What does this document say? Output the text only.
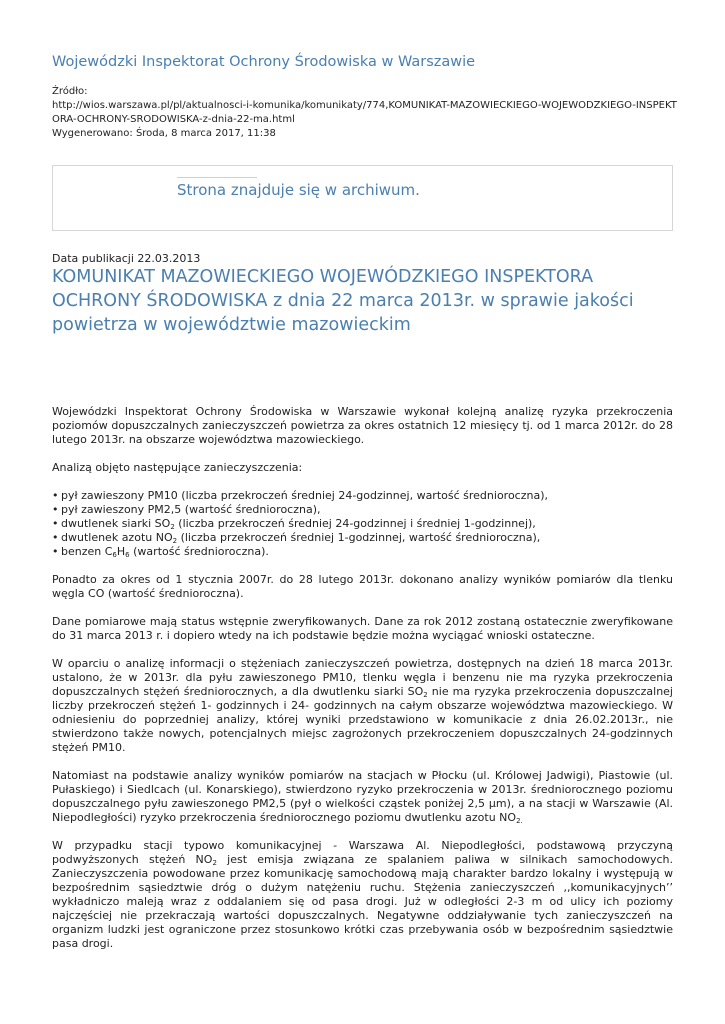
Wojewódzki Inspektorat Ochrony Środowiska w Warszawie
Źródło:
http://wios.warszawa.pl/pl/aktualnosci-i-komunika/komunikaty/774,KOMUNIKAT-MAZOWIECKIEGO-WOJEWODZKIEGO-INSPEKT
ORA-OCHRONY-SRODOWISKA-z-dnia-22-ma.html
Wygenerowano: Środa, 8 marca 2017, 11:38
Strona znajduje się w archiwum.
Data publikacji 22.03.2013
KOMUNIKAT MAZOWIECKIEGO WOJEWÓDZKIEGO INSPEKTORA
OCHRONY ŚRODOWISKA z dnia 22 marca 2013r. w sprawie jakości
powietrza w województwie mazowieckim

Wojewódzki Inspektorat Ochrony Środowiska w Warszawie wykonał kolejną analizę ryzyka przekroczenia poziomów dopuszczalnych zanieczyszczeń powietrza za okres ostatnich 12 miesięcy tj. od 1 marca 2012r. do 28 lutego 2013r. na obszarze województwa mazowieckiego.

Analizą objęto następujące zanieczyszczenia:

• pył zawieszony PM10 (liczba przekroczeń średniej 24-godzinnej, wartość średnioroczna),
• pył zawieszony PM2,5 (wartość średnioroczna),
• dwutlenek siarki $SO_2$ (liczba przekroczeń średniej 24-godzinnej i średniej 1-godzinnej),
• dwutlenek azotu $NO_2$ (liczba przekroczeń średniej 1-godzinnej, wartość średnioroczna),
• benzen $C_6H_6$ (wartość średnioroczna).

Ponadto za okres od 1 stycznia 2007r. do 28 lutego 2013r. dokonano analizy wyników pomiarów dla tlenku węgla CO (wartość średnioroczna).

Dane pomiarowe mają status wstępnie zweryfikowanych. Dane za rok 2012 zostaną ostatecznie zweryfikowane do 31 marca 2013 r. i dopiero wtedy na ich podstawie będzie można wyciągać wnioski ostateczne.

W oparciu o analizę informacji o stężeniach zanieczyszczeń powietrza, dostępnych na dzień 18 marca 2013r. ustalono, że w 2013r. dla pyłu zawieszonego PM10, tlenku węgla i benzenu nie ma ryzyka przekroczenia dopuszczalnych stężeń średniorocznych, a dla dwutlenku siarki $SO_2$ nie ma ryzyka przekroczenia dopuszczalnej liczby przekroczeń stężeń 1- godzinnych i 24- godzinnych na całym obszarze województwa mazowieckiego. W odniesieniu do poprzedniej analizy, której wyniki przedstawiono w komunikacie z dnia 26.02.2013r., nie stwierdzono także nowych, potencjalnych miejsc zagrożonych przekroczeniem dopuszczalnych 24-godzinnych stężeń PM10.

Natomiast na podstawie analizy wyników pomiarów na stacjach w Płocku (ul. Królowej Jadwigi), Piastowie (ul. Pułaskiego) i Siedlcach (ul. Konarskiego), stwierdzono ryzyko przekroczenia w 2013r. średniorocznego poziomu dopuszczalnego pyłu zawieszonego PM2,5 (pył o wielkości cząstek poniżej 2,5 µm), a na stacji w Warszawie (Al. Niepodległości) ryzyko przekroczenia średniorocznego poziomu dwutlenku azotu $NO_{2.}$

W przypadku stacji typowo komunikacyjnej - Warszawa Al. Niepodległości, podstawową przyczyną podwyższonych stężeń $NO_2$ jest emisja związana ze spalaniem paliwa w silnikach samochodowych. Zanieczyszczenia powodowane przez komunikację samochodową mają charakter bardzo lokalny i występują w bezpośrednim sąsiedztwie dróg o dużym natężeniu ruchu. Stężenia zanieczyszczeń ,,komunikacyjnych’’ wykładniczo maleją wraz z oddalaniem się od pasa drogi. Już w odległości 2-3 m od ulicy ich poziomy najczęściej nie przekraczają wartości dopuszczalnych. Negatywne oddziaływanie tych zanieczyszczeń na organizm ludzki jest ograniczone przez stosunkowo krótki czas przebywania osób w bezpośrednim sąsiedztwie pasa drogi.
